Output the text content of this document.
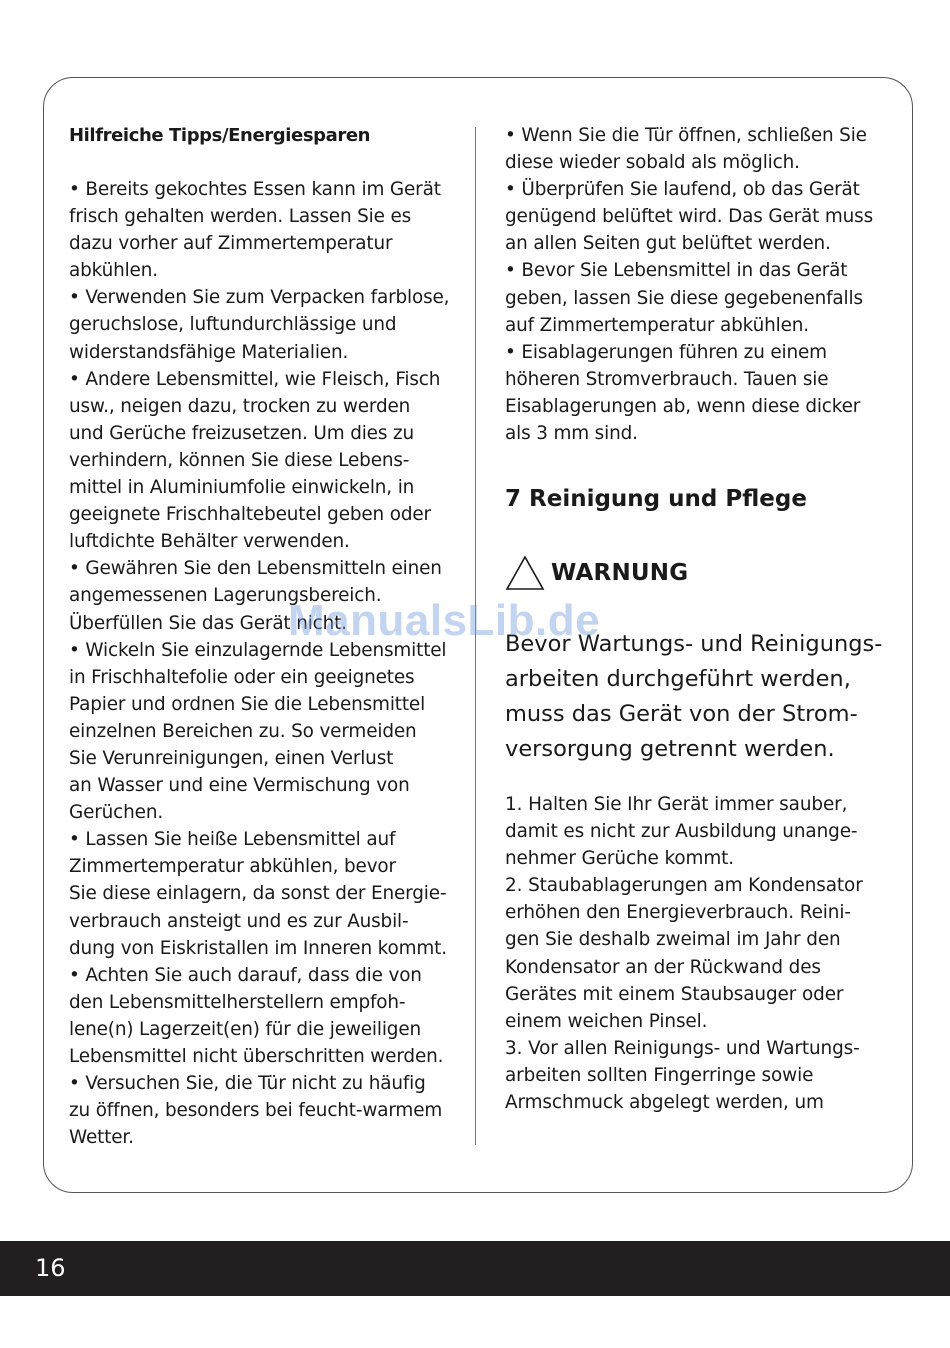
Hilfreiche Tipps/Energiesparen

• Bereits gekochtes Essen kann im Gerät
frisch gehalten werden. Lassen Sie es
dazu vorher auf Zimmertemperatur
abkühlen.
• Verwenden Sie zum Verpacken farblose,
geruchslose, luftundurchlässige und
widerstandsfähige Materialien.
• Andere Lebensmittel, wie Fleisch, Fisch
usw., neigen dazu, trocken zu werden
und Gerüche freizusetzen. Um dies zu
verhindern, können Sie diese Lebens-
mittel in Aluminiumfolie einwickeln, in
geeignete Frischhaltebeutel geben oder
luftdichte Behälter verwenden.
• Gewähren Sie den Lebensmitteln einen
angemessenen Lagerungsbereich.
Überfüllen Sie das Gerät nicht.
• Wickeln Sie einzulagernde Lebensmittel
in Frischhaltefolie oder ein geeignetes
Papier und ordnen Sie die Lebensmittel
einzelnen Bereichen zu. So vermeiden
Sie Verunreinigungen, einen Verlust
an Wasser und eine Vermischung von
Gerüchen.
• Lassen Sie heiße Lebensmittel auf
Zimmertemperatur abkühlen, bevor
Sie diese einlagern, da sonst der Energie-
verbrauch ansteigt und es zur Ausbil-
dung von Eiskristallen im Inneren kommt.
• Achten Sie auch darauf, dass die von
den Lebensmittelherstellern empfoh-
lene(n) Lagerzeit(en) für die jeweiligen
Lebensmittel nicht überschritten werden.
• Versuchen Sie, die Tür nicht zu häufig
zu öffnen, besonders bei feucht-warmem
Wetter.

• Wenn Sie die Tür öffnen, schließen Sie
diese wieder sobald als möglich.
• Überprüfen Sie laufend, ob das Gerät
genügend belüftet wird. Das Gerät muss
an allen Seiten gut belüftet werden.
• Bevor Sie Lebensmittel in das Gerät
geben, lassen Sie diese gegebenenfalls
auf Zimmertemperatur abkühlen.
• Eisablagerungen führen zu einem
höheren Stromverbrauch. Tauen sie
Eisablagerungen ab, wenn diese dicker
als 3 mm sind.

7 Reinigung und Pflege
WARNUNG

Bevor Wartungs- und Reinigungs-
arbeiten durchgeführt werden,
muss das Gerät von der Strom-
versorgung getrennt werden.

1. Halten Sie Ihr Gerät immer sauber,
damit es nicht zur Ausbildung unange-
nehmer Gerüche kommt.
2. Staubablagerungen am Kondensator
erhöhen den Energieverbrauch. Reini-
gen Sie deshalb zweimal im Jahr den
Kondensator an der Rückwand des
Gerätes mit einem Staubsauger oder
einem weichen Pinsel.
3. Vor allen Reinigungs- und Wartungs-
arbeiten sollten Fingerringe sowie
Armschmuck abgelegt werden, um

ManualsLib.de
16
